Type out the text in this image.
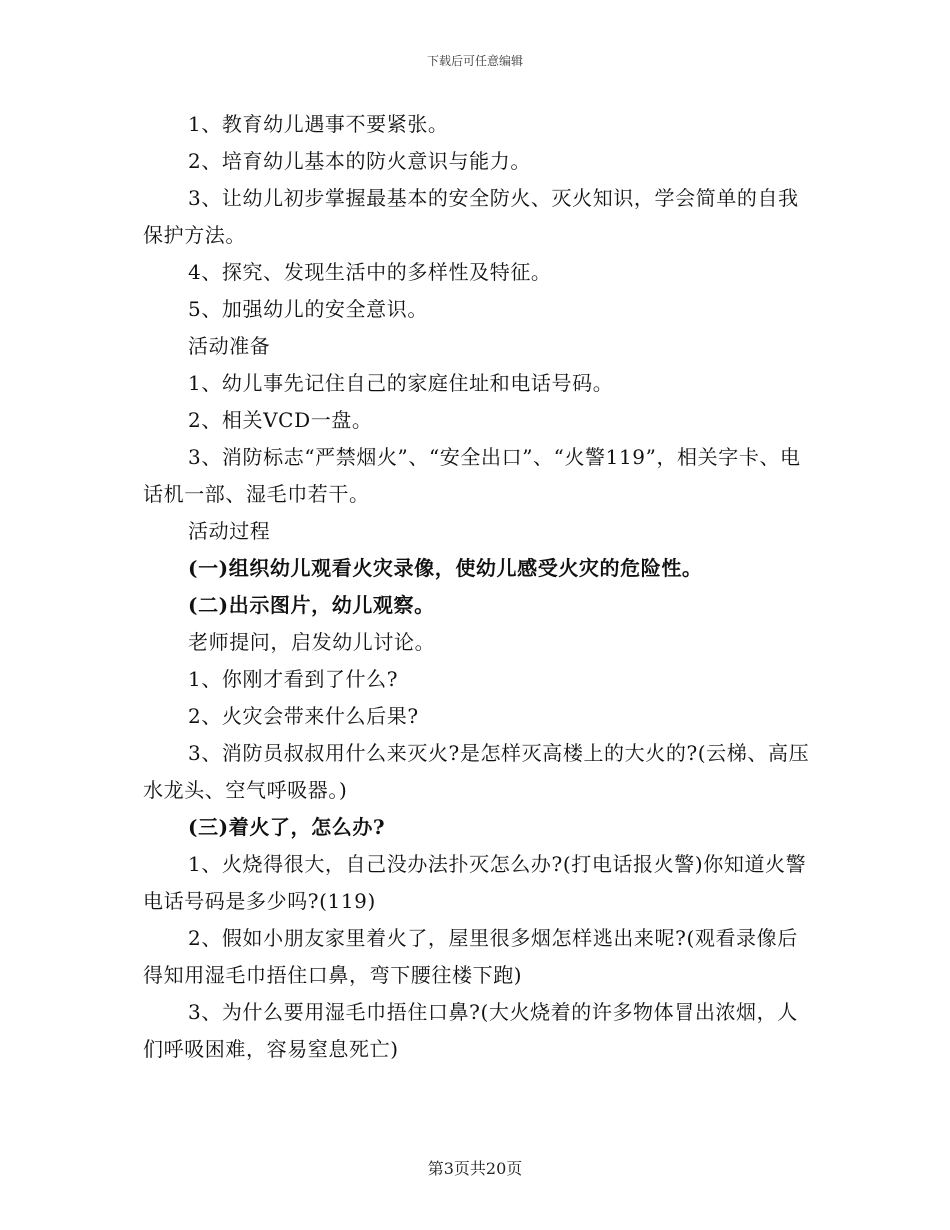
下载后可任意编辑

1、教育幼儿遇事不要紧张。

2、培育幼儿基本的防火意识与能力。

3、让幼儿初步掌握最基本的安全防火、灭火知识，学会简单的自我保护方法。

4、探究、发现生活中的多样性及特征。

5、加强幼儿的安全意识。

活动准备

1、幼儿事先记住自己的家庭住址和电话号码。

2、相关VCD一盘。

3、消防标志“严禁烟火”、“安全出口”、“火警119”，相关字卡、电话机一部、湿毛巾若干。

活动过程

(一)组织幼儿观看火灾录像，使幼儿感受火灾的危险性。

(二)出示图片，幼儿观察。

老师提问，启发幼儿讨论。

1、你刚才看到了什么?

2、火灾会带来什么后果?

3、消防员叔叔用什么来灭火?是怎样灭高楼上的大火的?(云梯、高压水龙头、空气呼吸器。)

(三)着火了，怎么办?

1、火烧得很大，自己没办法扑灭怎么办?(打电话报火警)你知道火警电话号码是多少吗?(119)

2、假如小朋友家里着火了，屋里很多烟怎样逃出来呢?(观看录像后得知用湿毛巾捂住口鼻，弯下腰往楼下跑)

3、为什么要用湿毛巾捂住口鼻?(大火烧着的许多物体冒出浓烟，人们呼吸困难，容易窒息死亡)

第3页共20页
